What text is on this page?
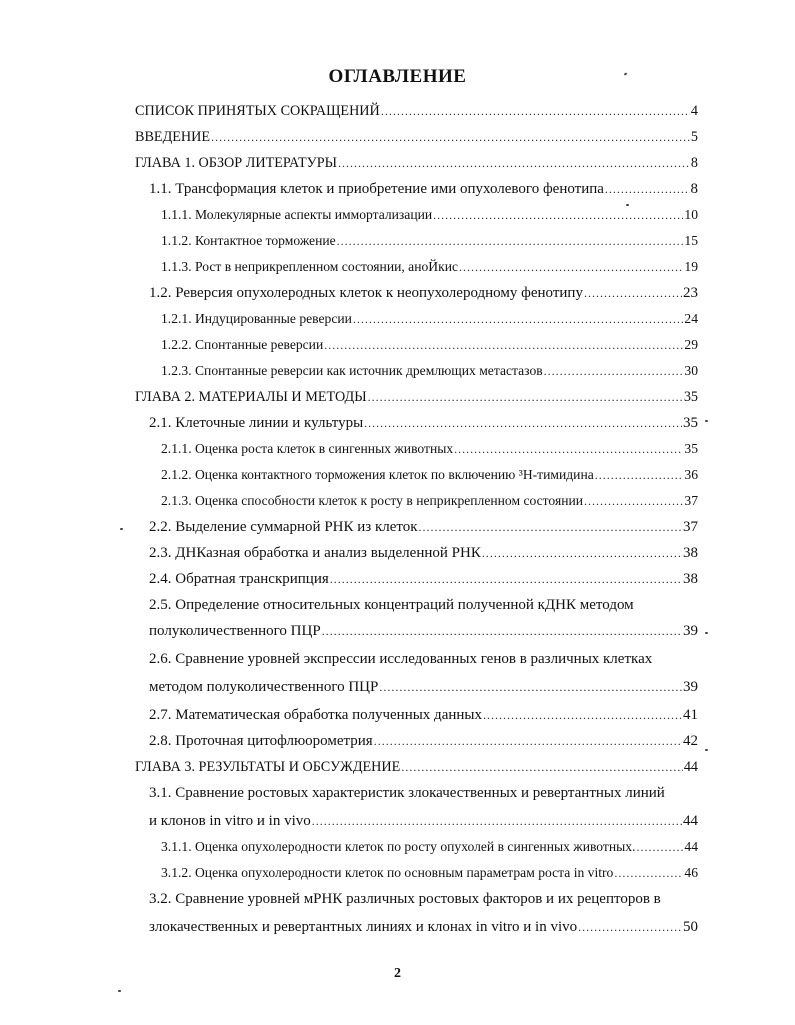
ОГЛАВЛЕНИЕ
СПИСОК ПРИНЯТЫХ СОКРАЩЕНИЙ .....	4
ВВЕДЕНИЕ .....	5
ГЛАВА 1. ОБЗОР ЛИТЕРАТУРЫ .....	8
1.1. Трансформация клеток и приобретение ими опухолевого фенотипа .....	8
1.1.1. Молекулярные аспекты иммортализации .....	10
1.1.2. Контактное торможение .....	15
1.1.3. Рост в неприкрепленном состоянии, аноЙкис .....	19
1.2. Реверсия опухолеродных клеток к неопухолеродному фенотипу .....	23
1.2.1. Индуцированные реверсии .....	24
1.2.2. Спонтанные реверсии .....	29
1.2.3. Спонтанные реверсии как источник дремлющих метастазов .....	30
ГЛАВА 2. МАТЕРИАЛЫ И МЕТОДЫ .....	35
2.1. Клеточные линии и культуры .....	35
2.1.1. Оценка роста клеток в сингенных животных .....	35
2.1.2. Оценка контактного торможения клеток по включению ³Н-тимидина .....	36
2.1.3. Оценка способности клеток к росту в неприкрепленном состоянии .....	37
2.2. Выделение суммарной РНК из клеток .....	37
2.3. ДНКазная обработка и анализ выделенной РНК .....	38
2.4. Обратная транскрипция .....	38
2.5. Определение относительных концентраций полученной кДНК методом
полуколичественного ПЦР .....	39
2.6. Сравнение уровней экспрессии исследованных генов в различных клетках
методом полуколичественного ПЦР .....	39
2.7. Математическая обработка полученных данных .....	41
2.8. Проточная цитофлюорометрия .....	42
ГЛАВА 3. РЕЗУЛЬТАТЫ И ОБСУЖДЕНИЕ .....	44
3.1. Сравнение ростовых характеристик злокачественных и ревертантных линий
и клонов in vitro и in vivo .....	44
3.1.1. Оценка опухолеродности клеток по росту опухолей в сингенных животных. .....	44
3.1.2. Оценка опухолеродности клеток по основным параметрам роста in vitro .....	46
3.2. Сравнение уровней мРНК различных ростовых факторов и их рецепторов в
злокачественных и ревертантных линиях и клонах in vitro и in vivo .....	50
2
